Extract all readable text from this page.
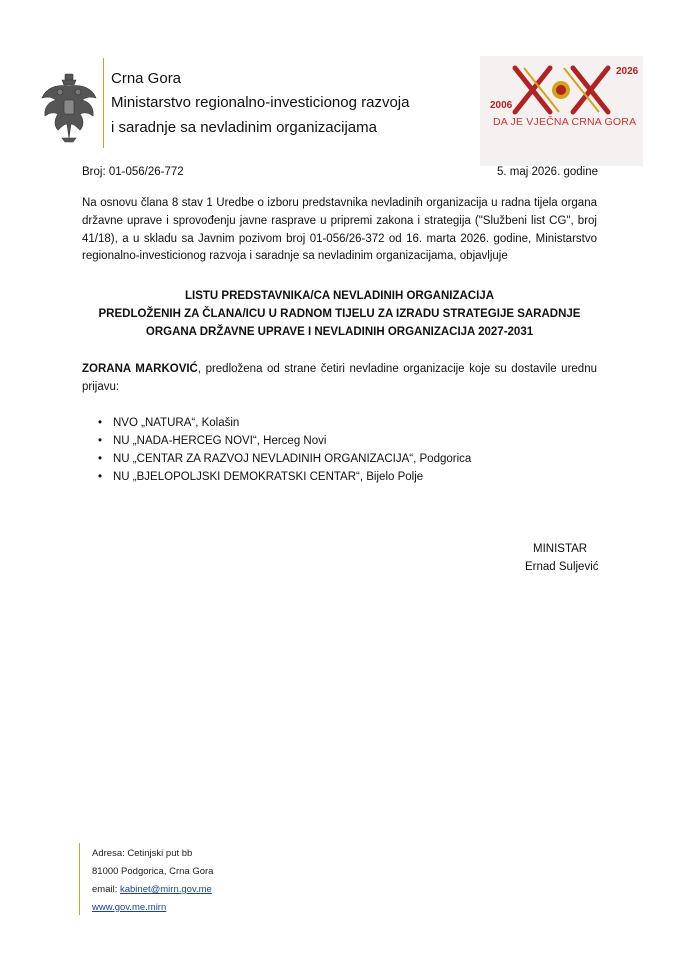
Crna Gora
Ministarstvo regionalno-investicionog razvoja
i saradnje sa nevladinim organizacijama
2006
2026
DA JE VJEČNA CRNA GORA
Broj: 01-056/26-772	5. maj 2026. godine
Na osnovu člana 8 stav 1 Uredbe o izboru predstavnika nevladinih organizacija u radna tijela organa državne uprave i sprovođenju javne rasprave u pripremi zakona i strategija ("Službeni list CG", broj 41/18), a u skladu sa Javnim pozivom broj 01-056/26-372 od 16. marta 2026. godine, Ministarstvo regionalno-investicionog razvoja i saradnje sa nevladinim organizacijama, objavljuje
LISTU PREDSTAVNIKA/CA NEVLADINIH ORGANIZACIJA
PREDLOŽENIH ZA ČLANA/ICU U RADNOM TIJELU ZA IZRADU STRATEGIJE SARADNJE
ORGANA DRŽAVNE UPRAVE I NEVLADINIH ORGANIZACIJA 2027-2031
ZORANA MARKOVIĆ, predložena od strane četiri nevladine organizacije koje su dostavile urednu prijavu:
• NVO „NATURA“, Kolašin
• NU „NADA-HERCEG NOVI“, Herceg Novi
• NU „CENTAR ZA RAZVOJ NEVLADINIH ORGANIZACIJA“, Podgorica
• NU „BJELOPOLJSKI DEMOKRATSKI CENTAR“, Bijelo Polje
MINISTAR
Ernad Suljević
Adresa: Cetinjski put bb
81000 Podgorica, Crna Gora
email: kabinet@mirn.gov.me
www.gov.me.mirn
